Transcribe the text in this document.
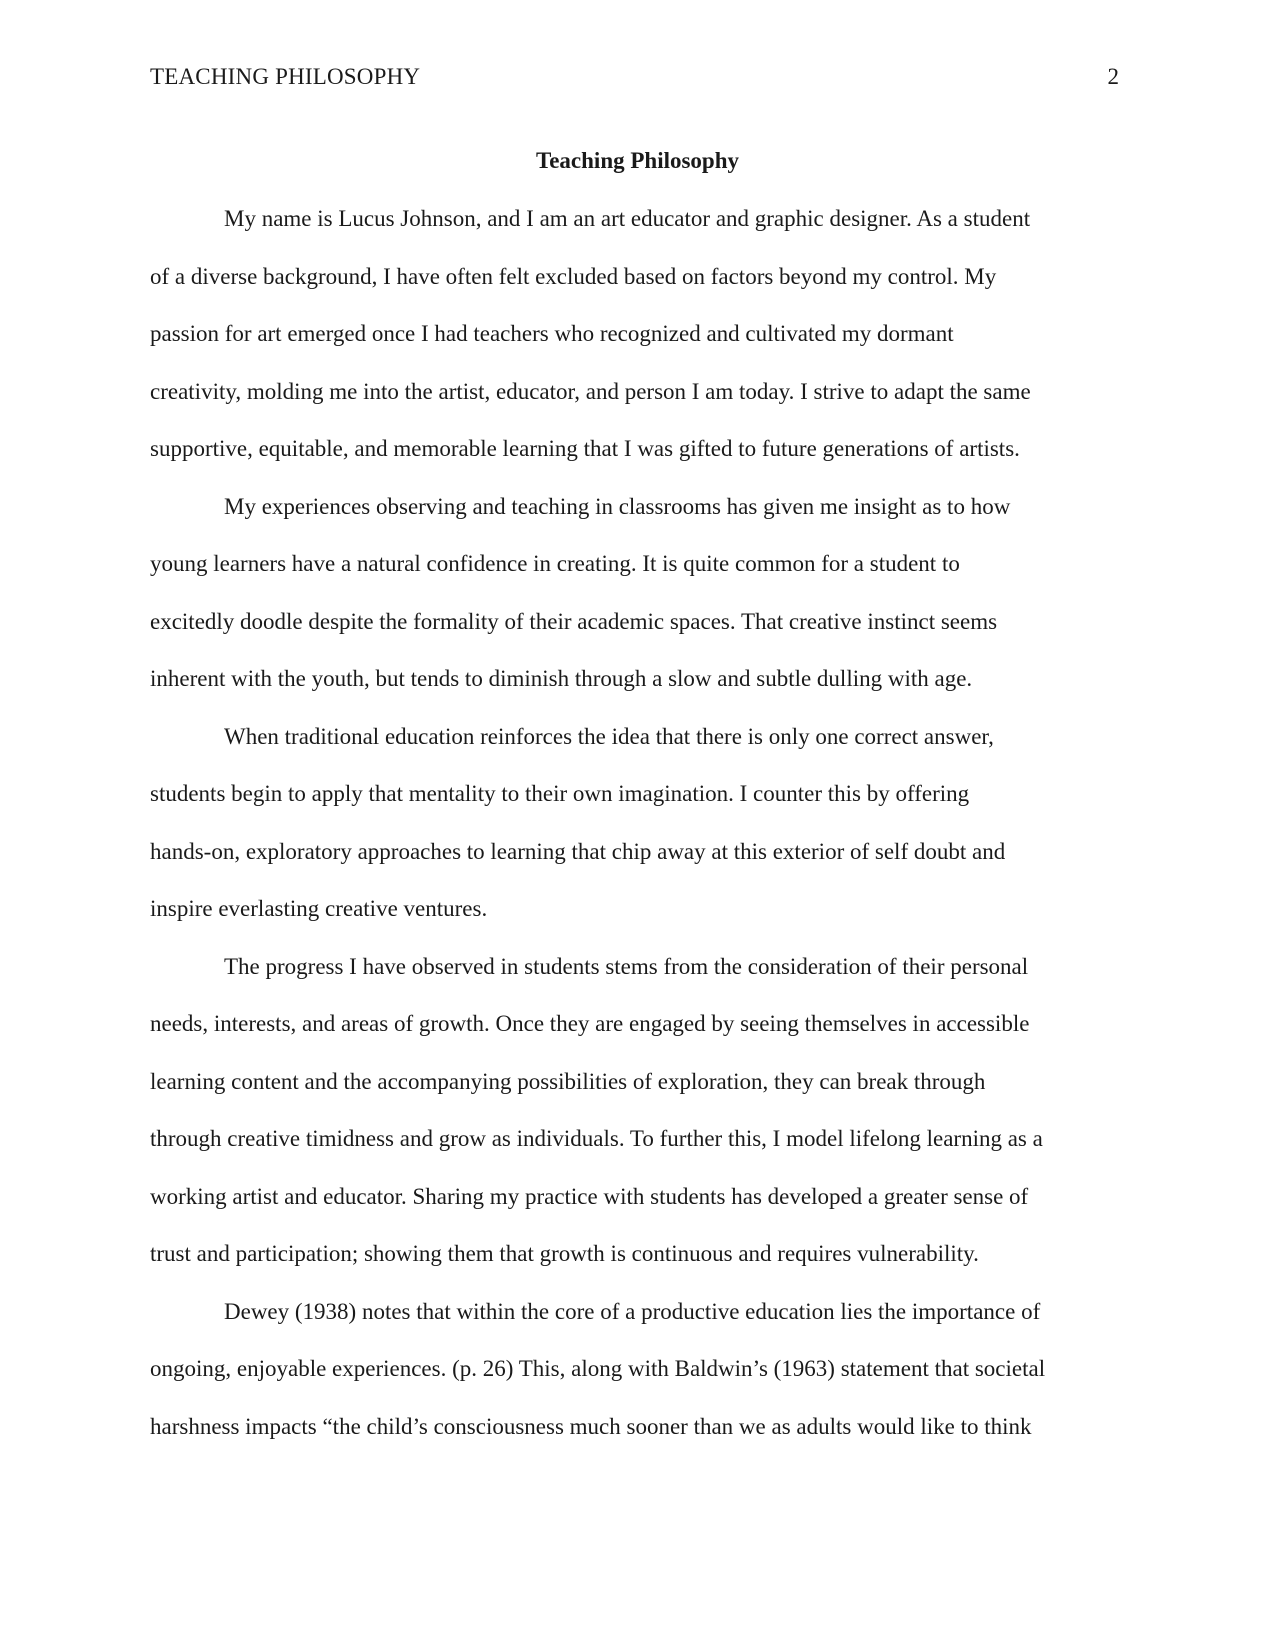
TEACHING PHILOSOPHY	2
Teaching Philosophy
My name is Lucus Johnson, and I am an art educator and graphic designer. As a student
of a diverse background, I have often felt excluded based on factors beyond my control. My
passion for art emerged once I had teachers who recognized and cultivated my dormant
creativity, molding me into the artist, educator, and person I am today. I strive to adapt the same
supportive, equitable, and memorable learning that I was gifted to future generations of artists.
My experiences observing and teaching in classrooms has given me insight as to how
young learners have a natural confidence in creating. It is quite common for a student to
excitedly doodle despite the formality of their academic spaces. That creative instinct seems
inherent with the youth, but tends to diminish through a slow and subtle dulling with age.
When traditional education reinforces the idea that there is only one correct answer,
students begin to apply that mentality to their own imagination. I counter this by offering
hands-on, exploratory approaches to learning that chip away at this exterior of self doubt and
inspire everlasting creative ventures.
The progress I have observed in students stems from the consideration of their personal
needs, interests, and areas of growth. Once they are engaged by seeing themselves in accessible
learning content and the accompanying possibilities of exploration, they can break through
through creative timidness and grow as individuals. To further this, I model lifelong learning as a
working artist and educator. Sharing my practice with students has developed a greater sense of
trust and participation; showing them that growth is continuous and requires vulnerability.
Dewey (1938) notes that within the core of a productive education lies the importance of
ongoing, enjoyable experiences. (p. 26) This, along with Baldwin’s (1963) statement that societal
harshness impacts “the child’s consciousness much sooner than we as adults would like to think
